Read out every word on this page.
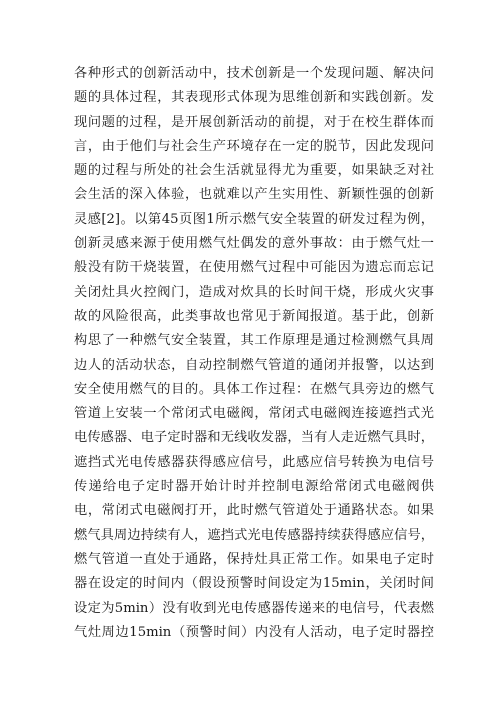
各种形式的创新活动中，技术创新是一个发现问题、解决问
题的具体过程，其表现形式体现为思维创新和实践创新。发
现问题的过程，是开展创新活动的前提，对于在校生群体而
言，由于他们与社会生产环境存在一定的脱节，因此发现问
题的过程与所处的社会生活就显得尤为重要，如果缺乏对社
会生活的深入体验，也就难以产生实用性、新颖性强的创新
灵感[2]。以第45页图1所示燃气安全装置的研发过程为例，
创新灵感来源于使用燃气灶偶发的意外事故：由于燃气灶一
般没有防干烧装置，在使用燃气过程中可能因为遗忘而忘记
关闭灶具火控阀门，造成对炊具的长时间干烧，形成火灾事
故的风险很高，此类事故也常见于新闻报道。基于此，创新
构思了一种燃气安全装置，其工作原理是通过检测燃气具周
边人的活动状态，自动控制燃气管道的通闭并报警，以达到
安全使用燃气的目的。具体工作过程：在燃气具旁边的燃气
管道上安装一个常闭式电磁阀，常闭式电磁阀连接遮挡式光
电传感器、电子定时器和无线收发器，当有人走近燃气具时，
遮挡式光电传感器获得感应信号，此感应信号转换为电信号
传递给电子定时器开始计时并控制电源给常闭式电磁阀供
电，常闭式电磁阀打开，此时燃气管道处于通路状态。如果
燃气具周边持续有人，遮挡式光电传感器持续获得感应信号，
燃气管道一直处于通路，保持灶具正常工作。如果电子定时
器在设定的时间内（假设预警时间设定为15min，关闭时间
设定为5min）没有收到光电传感器传递来的电信号，代表燃
气灶周边15min（预警时间）内没有人活动，电子定时器控
